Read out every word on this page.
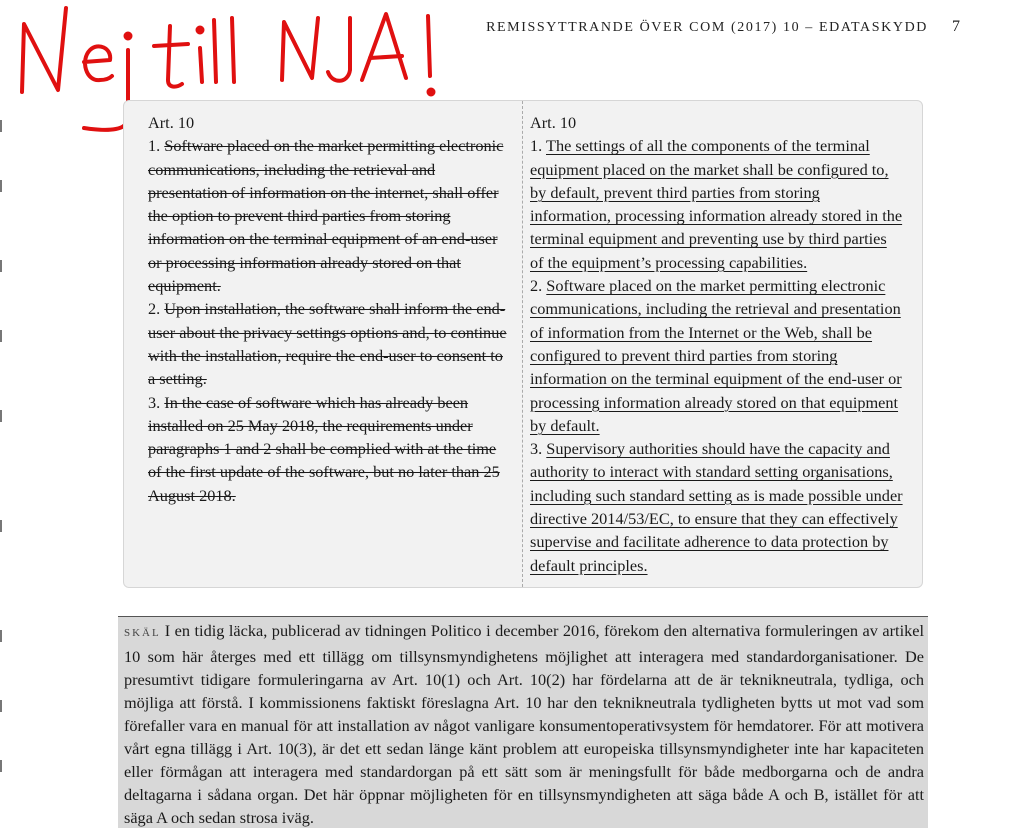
REMISSYTTRANDE ÖVER COM (2017) 10 – EDATASKYDD 7
Art. 10
1. Software placed on the market permitting electronic communications, including the retrieval and presentation of information on the internet, shall offer the option to prevent third parties from storing information on the terminal equipment of an end-user or processing information already stored on that equipment.
2. Upon installation, the software shall inform the end-user about the privacy settings options and, to continue with the installation, require the end-user to consent to a setting.
3. In the case of software which has already been installed on 25 May 2018, the requirements under paragraphs 1 and 2 shall be complied with at the time of the first update of the software, but no later than 25 August 2018.
Art. 10
1. The settings of all the components of the terminal equipment placed on the market shall be configured to, by default, prevent third parties from storing information, processing information already stored in the terminal equipment and preventing use by third parties of the equipment’s processing capabilities.
2. Software placed on the market permitting electronic communications, including the retrieval and presentation of information from the Internet or the Web, shall be configured to prevent third parties from storing information on the terminal equipment of the end-user or processing information already stored on that equipment by default.
3. Supervisory authorities should have the capacity and authority to interact with standard setting organisations, including such standard setting as is made possible under directive 2014/53/EC, to ensure that they can effectively supervise and facilitate adherence to data protection by default principles.
SKÄL I en tidig läcka, publicerad av tidningen Politico i december 2016, förekom den alternativa formuleringen av artikel 10 som här återges med ett tillägg om tillsynsmyndighetens möjlighet att interagera med standardorganisationer. De presumtivt tidigare formuleringarna av Art. 10(1) och Art. 10(2) har fördelarna att de är teknikneutrala, tydliga, och möjliga att förstå. I kommissionens faktiskt föreslagna Art. 10 har den teknikneutrala tydligheten bytts ut mot vad som förefaller vara en manual för att installation av något vanligare konsumentoperativsystem för hemdatorer. För att motivera vårt egna tillägg i Art. 10(3), är det ett sedan länge känt problem att europeiska tillsynsmyndigheter inte har kapaciteten eller förmågan att interagera med standardorgan på ett sätt som är meningsfullt för både medborgarna och de andra deltagarna i sådana organ. Det här öppnar möjligheten för en tillsynsmyndigheten att säga både A och B, istället för att säga A och sedan strosa iväg.
